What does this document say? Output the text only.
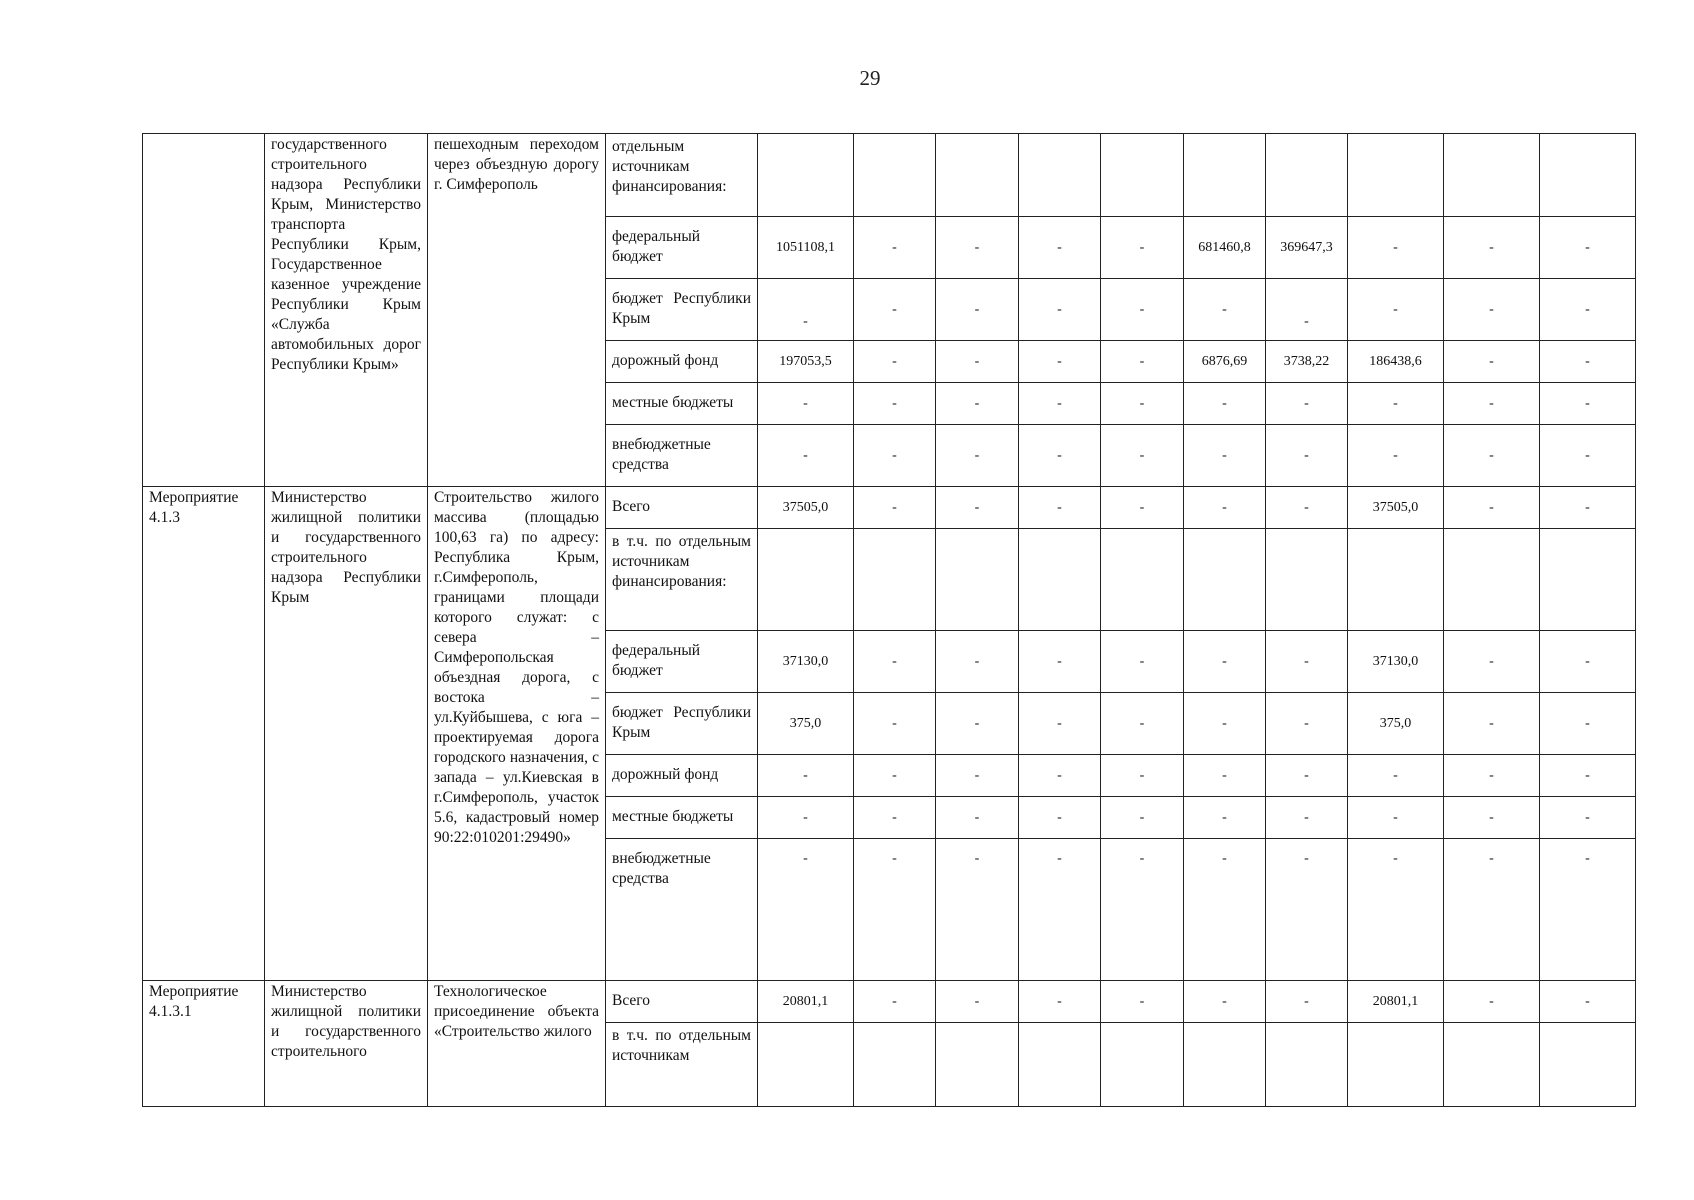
29
	государственного строительного надзора Республики Крым, Министерство транспорта Республики Крым, Государственное казенное учреждение Республики Крым «Служба автомобильных дорог Республики Крым»	пешеходным переходом через объездную дорогу г. Симферополь	отдельным источникам финансирования:										
			федеральный бюджет	1051108,1	-	-	-	-	681460,8	369647,3	-	-	-
			бюджет Республики Крым	-	-	-	-	-	-	-	-	-	-
			дорожный фонд	197053,5	-	-	-	-	6876,69	3738,22	186438,6	-	-
			местные бюджеты	-	-	-	-	-	-	-	-	-	-
			внебюджетные средства	-	-	-	-	-	-	-	-	-	-
Мероприятие 4.1.3	Министерство жилищной политики и государственного строительного надзора Республики Крым	Строительство жилого массива (площадью 100,63 га) по адресу: Республика Крым, г.Симферополь, границами площади которого служат: с севера – Симферопольская объездная дорога, с востока – ул.Куйбышева, с юга – проектируемая дорога городского назначения, с запада – ул.Киевская в г.Симферополь, участок 5.6, кадастровый номер 90:22:010201:29490»	Всего	37505,0	-	-	-	-	-	-	37505,0	-	-
			в т.ч. по отдельным источникам финансирования:										
			федеральный бюджет	37130,0	-	-	-	-	-	-	37130,0	-	-
			бюджет Республики Крым	375,0	-	-	-	-	-	-	375,0	-	-
			дорожный фонд	-	-	-	-	-	-	-	-	-	-
			местные бюджеты	-	-	-	-	-	-	-	-	-	-
			внебюджетные средства	-	-	-	-	-	-	-	-	-	-
Мероприятие 4.1.3.1	Министерство жилищной политики и государственного строительного	Технологическое присоединение объекта «Строительство жилого	Всего	20801,1	-	-	-	-	-	-	20801,1	-	-
			в т.ч. по отдельным источникам										
